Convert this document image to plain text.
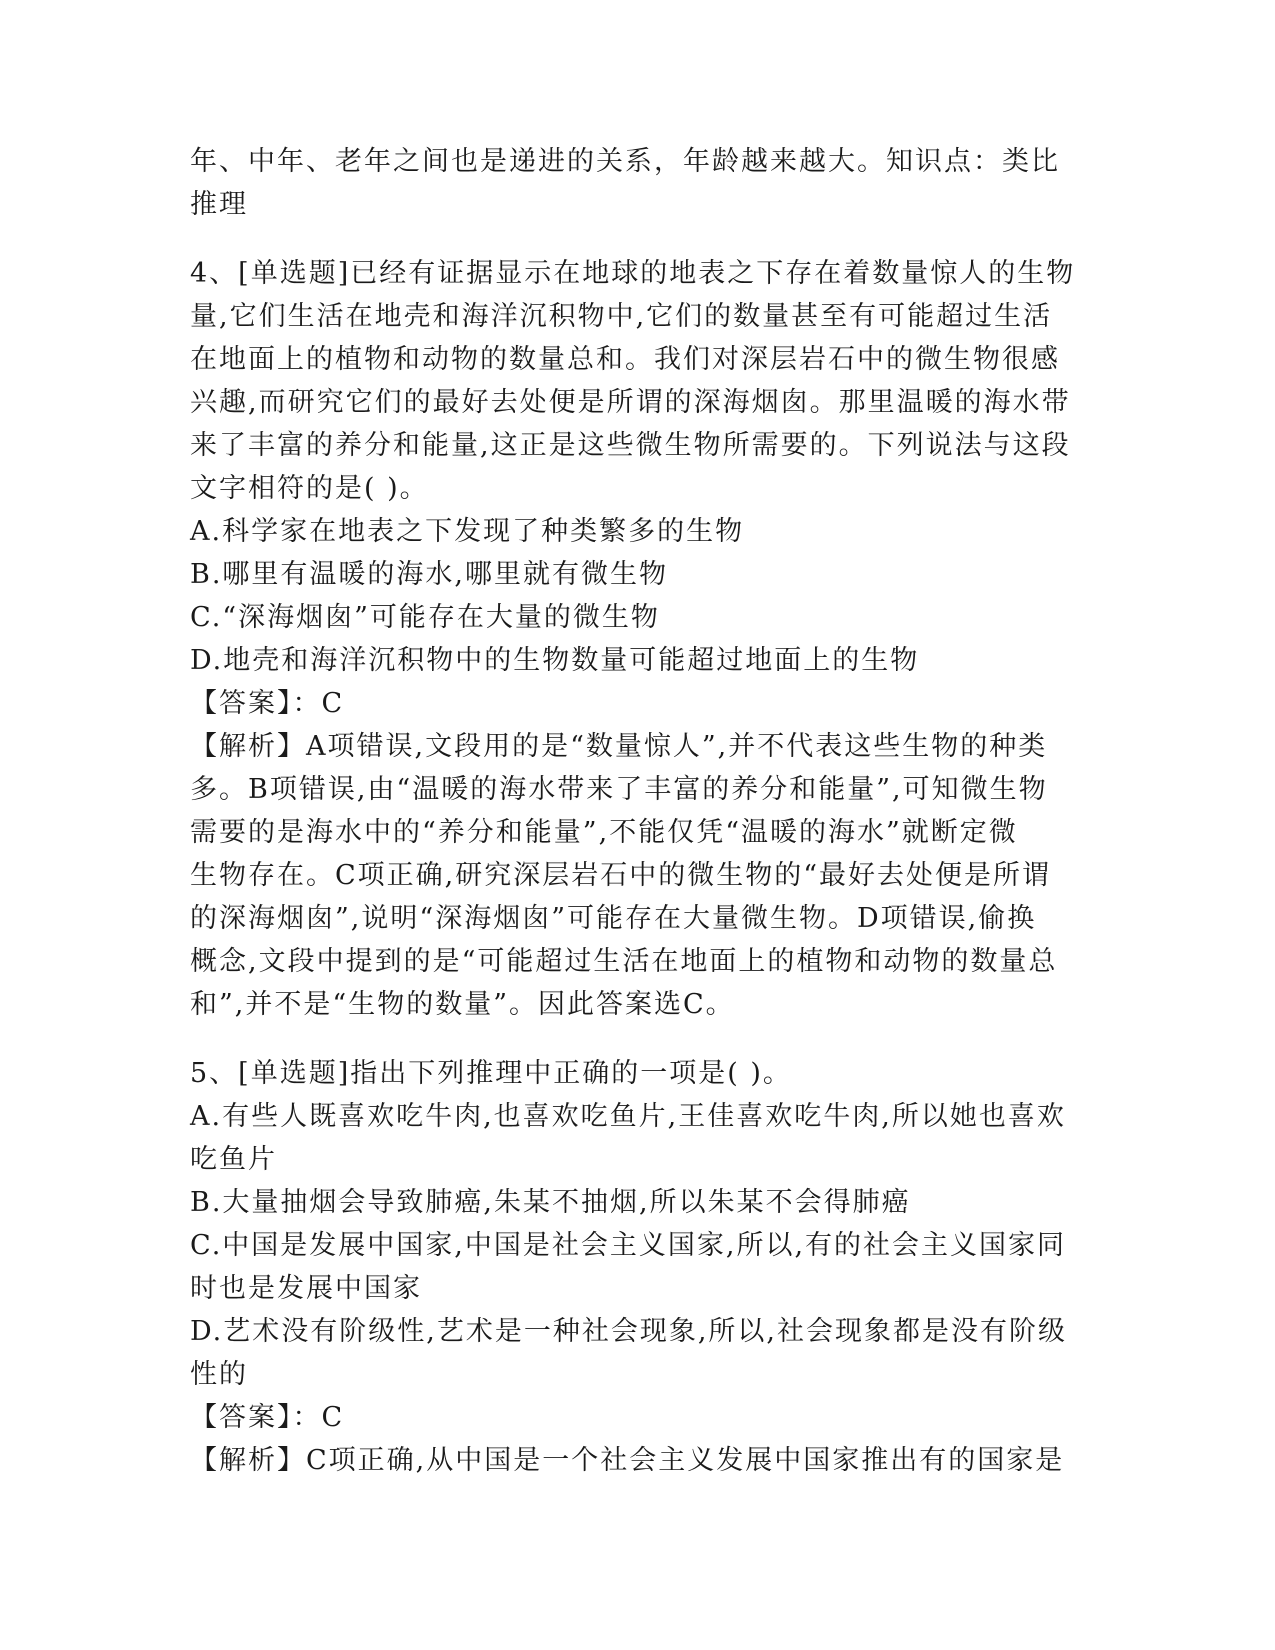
年、中年、老年之间也是递进的关系，年龄越来越大。知识点：类比
推理
4、[单选题]已经有证据显示在地球的地表之下存在着数量惊人的生物
量,它们生活在地壳和海洋沉积物中,它们的数量甚至有可能超过生活
在地面上的植物和动物的数量总和。我们对深层岩石中的微生物很感
兴趣,而研究它们的最好去处便是所谓的深海烟囱。那里温暖的海水带
来了丰富的养分和能量,这正是这些微生物所需要的。下列说法与这段
文字相符的是( )。
A.科学家在地表之下发现了种类繁多的生物
B.哪里有温暖的海水,哪里就有微生物
C.“深海烟囱”可能存在大量的微生物
D.地壳和海洋沉积物中的生物数量可能超过地面上的生物
【答案】：C
【解析】A项错误,文段用的是“数量惊人”,并不代表这些生物的种类
多。B项错误,由“温暖的海水带来了丰富的养分和能量”,可知微生物
需要的是海水中的“养分和能量”,不能仅凭“温暖的海水”就断定微
生物存在。C项正确,研究深层岩石中的微生物的“最好去处便是所谓
的深海烟囱”,说明“深海烟囱”可能存在大量微生物。D项错误,偷换
概念,文段中提到的是“可能超过生活在地面上的植物和动物的数量总
和”,并不是“生物的数量”。因此答案选C。
5、[单选题]指出下列推理中正确的一项是( )。
A.有些人既喜欢吃牛肉,也喜欢吃鱼片,王佳喜欢吃牛肉,所以她也喜欢
吃鱼片
B.大量抽烟会导致肺癌,朱某不抽烟,所以朱某不会得肺癌
C.中国是发展中国家,中国是社会主义国家,所以,有的社会主义国家同
时也是发展中国家
D.艺术没有阶级性,艺术是一种社会现象,所以,社会现象都是没有阶级
性的
【答案】：C
【解析】C项正确,从中国是一个社会主义发展中国家推出有的国家是
